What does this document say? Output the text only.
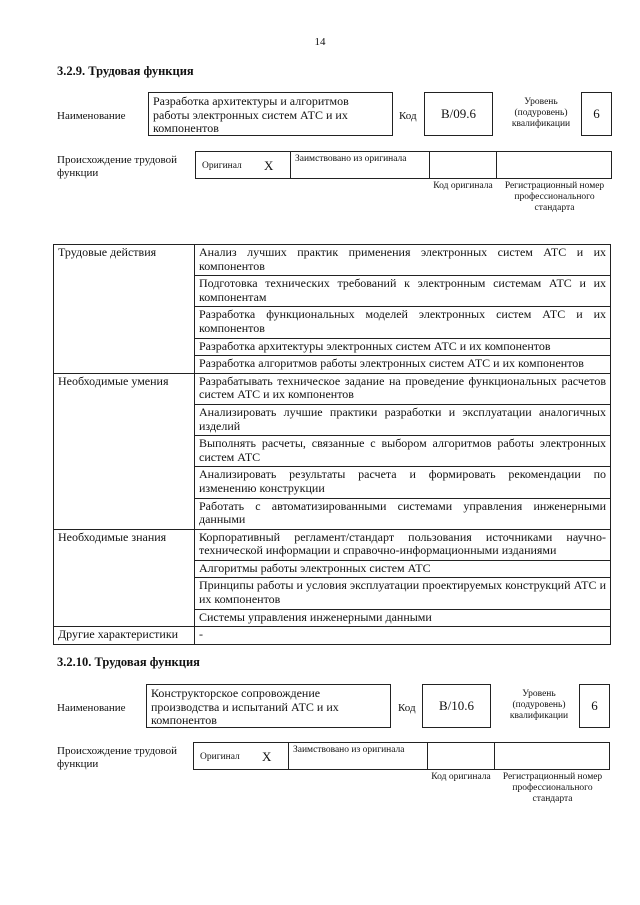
14
3.2.9. Трудовая функция
Наименование
Разработка архитектуры и алгоритмов работы электронных систем АТС и их компонентов
Код	В/09.6
Уровень (подуровень) квалификации
6
Происхождение трудовой функции
Оригинал Х	Заимствовано из оригинала
Код оригинала	Регистрационный номер профессионального стандарта
Трудовые действия	Анализ лучших практик применения электронных систем АТС и их компонентов
	Подготовка технических требований к электронным системам АТС и их компонентам
	Разработка функциональных моделей электронных систем АТС и их компонентов
	Разработка архитектуры электронных систем АТС и их компонентов
	Разработка алгоритмов работы электронных систем АТС и их компонентов
Необходимые умения	Разрабатывать техническое задание на проведение функциональных расчетов систем АТС и их компонентов
	Анализировать лучшие практики разработки и эксплуатации аналогичных изделий
	Выполнять расчеты, связанные с выбором алгоритмов работы электронных систем АТС
	Анализировать результаты расчета и формировать рекомендации по изменению конструкции
	Работать с автоматизированными системами управления инженерными данными
Необходимые знания	Корпоративный регламент/стандарт пользования источниками научно-технической информации и справочно-информационными изданиями
	Алгоритмы работы электронных систем АТС
	Принципы работы и условия эксплуатации проектируемых конструкций АТС и их компонентов
	Системы управления инженерными данными
Другие характеристики	-
3.2.10. Трудовая функция
Наименование
Конструкторское сопровождение производства и испытаний АТС и их компонентов
Код	В/10.6
Уровень (подуровень) квалификации
6
Происхождение трудовой функции
Оригинал Х	Заимствовано из оригинала
Код оригинала	Регистрационный номер профессионального стандарта
